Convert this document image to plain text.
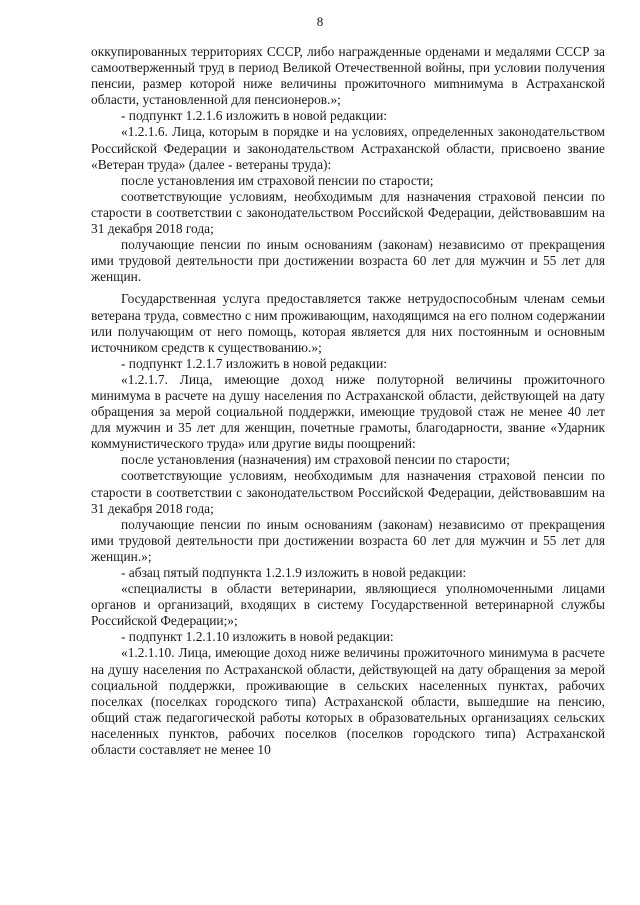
8

оккупированных территориях СССР, либо награжденные орденами и медалями СССР за самоотверженный труд в период Великой Отечественной войны, при условии получения пенсии, размер которой ниже величины прожиточного миmнимума в Астраханской области, установленной для пенсионеров.»;

- подпункт 1.2.1.6 изложить в новой редакции:

«1.2.1.6. Лица, которым в порядке и на условиях, определенных законодательством Российской Федерации и законодательством Астраханской области, присвоено звание «Ветеран труда» (далее - ветераны труда):

после установления им страховой пенсии по старости;

соответствующие условиям, необходимым для назначения страховой пенсии по старости в соответствии с законодательством Российской Федерации, действовавшим на 31 декабря 2018 года;

получающие пенсии по иным основаниям (законам) независимо от прекращения ими трудовой деятельности при достижении возраста 60 лет для мужчин и 55 лет для женщин.

Государственная услуга предоставляется также нетрудоспособным членам семьи ветерана труда, совместно с ним проживающим, находящимся на его полном содержании или получающим от него помощь, которая является для них постоянным и основным источником средств к существованию.»;

- подпункт 1.2.1.7 изложить в новой редакции:

«1.2.1.7. Лица, имеющие доход ниже полуторной величины прожиточного минимума в расчете на душу населения по Астраханской области, действующей на дату обращения за мерой социальной поддержки, имеющие трудовой стаж не менее 40 лет для мужчин и 35 лет для женщин, почетные грамоты, благодарности, звание «Ударник коммунистического труда» или другие виды поощрений:

после установления (назначения) им страховой пенсии по старости;

соответствующие условиям, необходимым для назначения страховой пенсии по старости в соответствии с законодательством Российской Федерации, действовавшим на 31 декабря 2018 года;

получающие пенсии по иным основаниям (законам) независимо от прекращения ими трудовой деятельности при достижении возраста 60 лет для мужчин и 55 лет для женщин.»;

- абзац пятый подпункта 1.2.1.9 изложить в новой редакции:

«специалисты в области ветеринарии, являющиеся уполномоченными лицами органов и организаций, входящих в систему Государственной ветеринарной службы Российской Федерации;»;

- подпункт 1.2.1.10 изложить в новой редакции:

«1.2.1.10. Лица, имеющие доход ниже величины прожиточного минимума в расчете на душу населения по Астраханской области, действующей на дату обращения за мерой социальной поддержки, проживающие в сельских населенных пунктах, рабочих поселках (поселках городского типа) Астраханской области, вышедшие на пенсию, общий стаж педагогической работы которых в образовательных организациях сельских населенных пунктов, рабочих поселков (поселков городского типа) Астраханской области составляет не менее 10
